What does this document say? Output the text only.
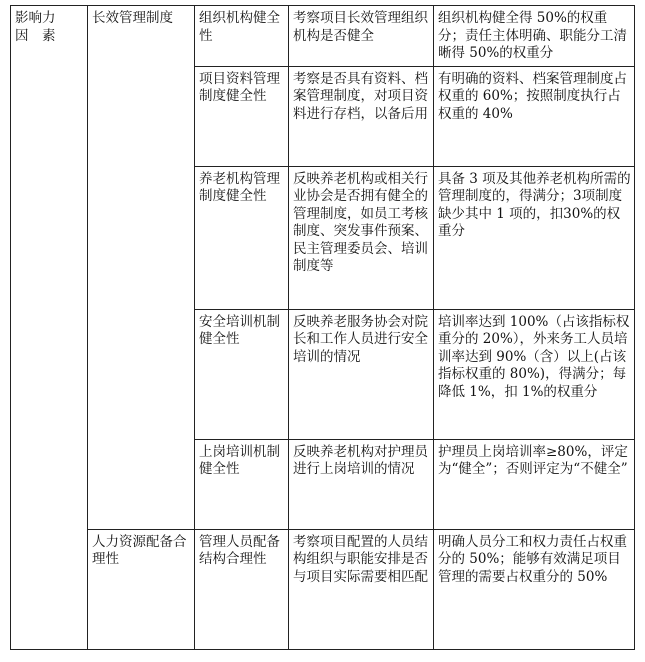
影响力
因　素	长效管理制度	组织机构健全性	考察项目长效管理组织机构是否健全	组织机构健全得 50%的权重分；责任主体明确、职能分工清晰得 50%的权重分
		项目资料管理制度健全性	考察是否具有资料、档案管理制度，对项目资料进行存档，以备后用	有明确的资料、档案管理制度占权重的 60%；按照制度执行占权重的 40%
		养老机构管理制度健全性	反映养老机构或相关行业协会是否拥有健全的管理制度，如员工考核制度、突发事件预案、民主管理委员会、培训制度等	具备 3 项及其他养老机构所需的管理制度的，得满分；3项制度缺少其中 1 项的，扣30%的权重分
		安全培训机制健全性	反映养老服务协会对院长和工作人员进行安全培训的情况	培训率达到 100%（占该指标权重分的 20%），外来务工人员培训率达到 90%（含）以上(占该指标权重的 80%)，得满分；每降低 1%，扣 1%的权重分
		上岗培训机制健全性	反映养老机构对护理员进行上岗培训的情况	护理员上岗培训率≥80%，评定为“健全”；否则评定为“不健全”
	人力资源配备合理性	管理人员配备结构合理性	考察项目配置的人员结构组织与职能安排是否与项目实际需要相匹配	明确人员分工和权力责任占权重分的 50%；能够有效满足项目管理的需要占权重分的 50%
